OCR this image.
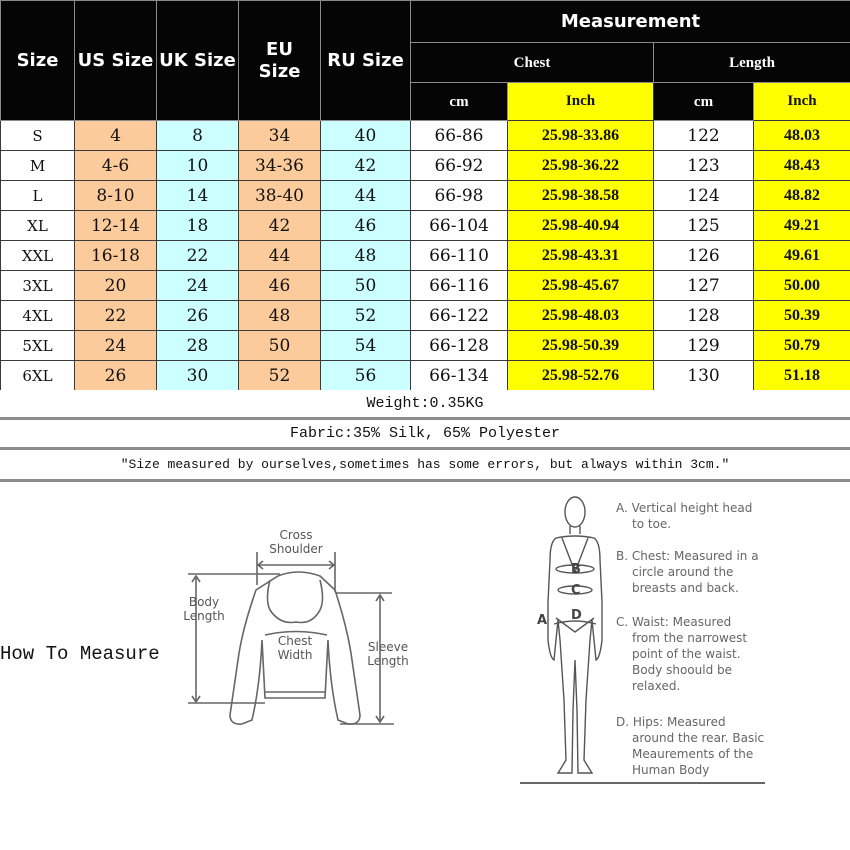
Size	US Size	UK Size	EU Size	RU Size	Measurement			
					Chest		Length	
					cm	Inch	cm	Inch
S	4	8	34	40	66-86	25.98-33.86	122	48.03
M	4-6	10	34-36	42	66-92	25.98-36.22	123	48.43
L	8-10	14	38-40	44	66-98	25.98-38.58	124	48.82
XL	12-14	18	42	46	66-104	25.98-40.94	125	49.21
XXL	16-18	22	44	48	66-110	25.98-43.31	126	49.61
3XL	20	24	46	50	66-116	25.98-45.67	127	50.00
4XL	22	26	48	52	66-122	25.98-48.03	128	50.39
5XL	24	28	50	54	66-128	25.98-50.39	129	50.79
6XL	26	30	52	56	66-134	25.98-52.76	130	51.18
Weight:0.35KG
Fabric:35% Silk, 65% Polyester
"Size measured by ourselves,sometimes has some errors, but always within 3cm."
How To Measure
Cross Shoulder
Body Length
Chest Width
Sleeve Length
A
B
C
D
A. Vertical height head
to toe.
B. Chest: Measured in a
circle around the breasts and back.
C. Waist: Measured
from the narrowest point of the waist. Body shoould be relaxed.
D. Hips: Measured
around the rear. Basic Meaurements of the Human Body
